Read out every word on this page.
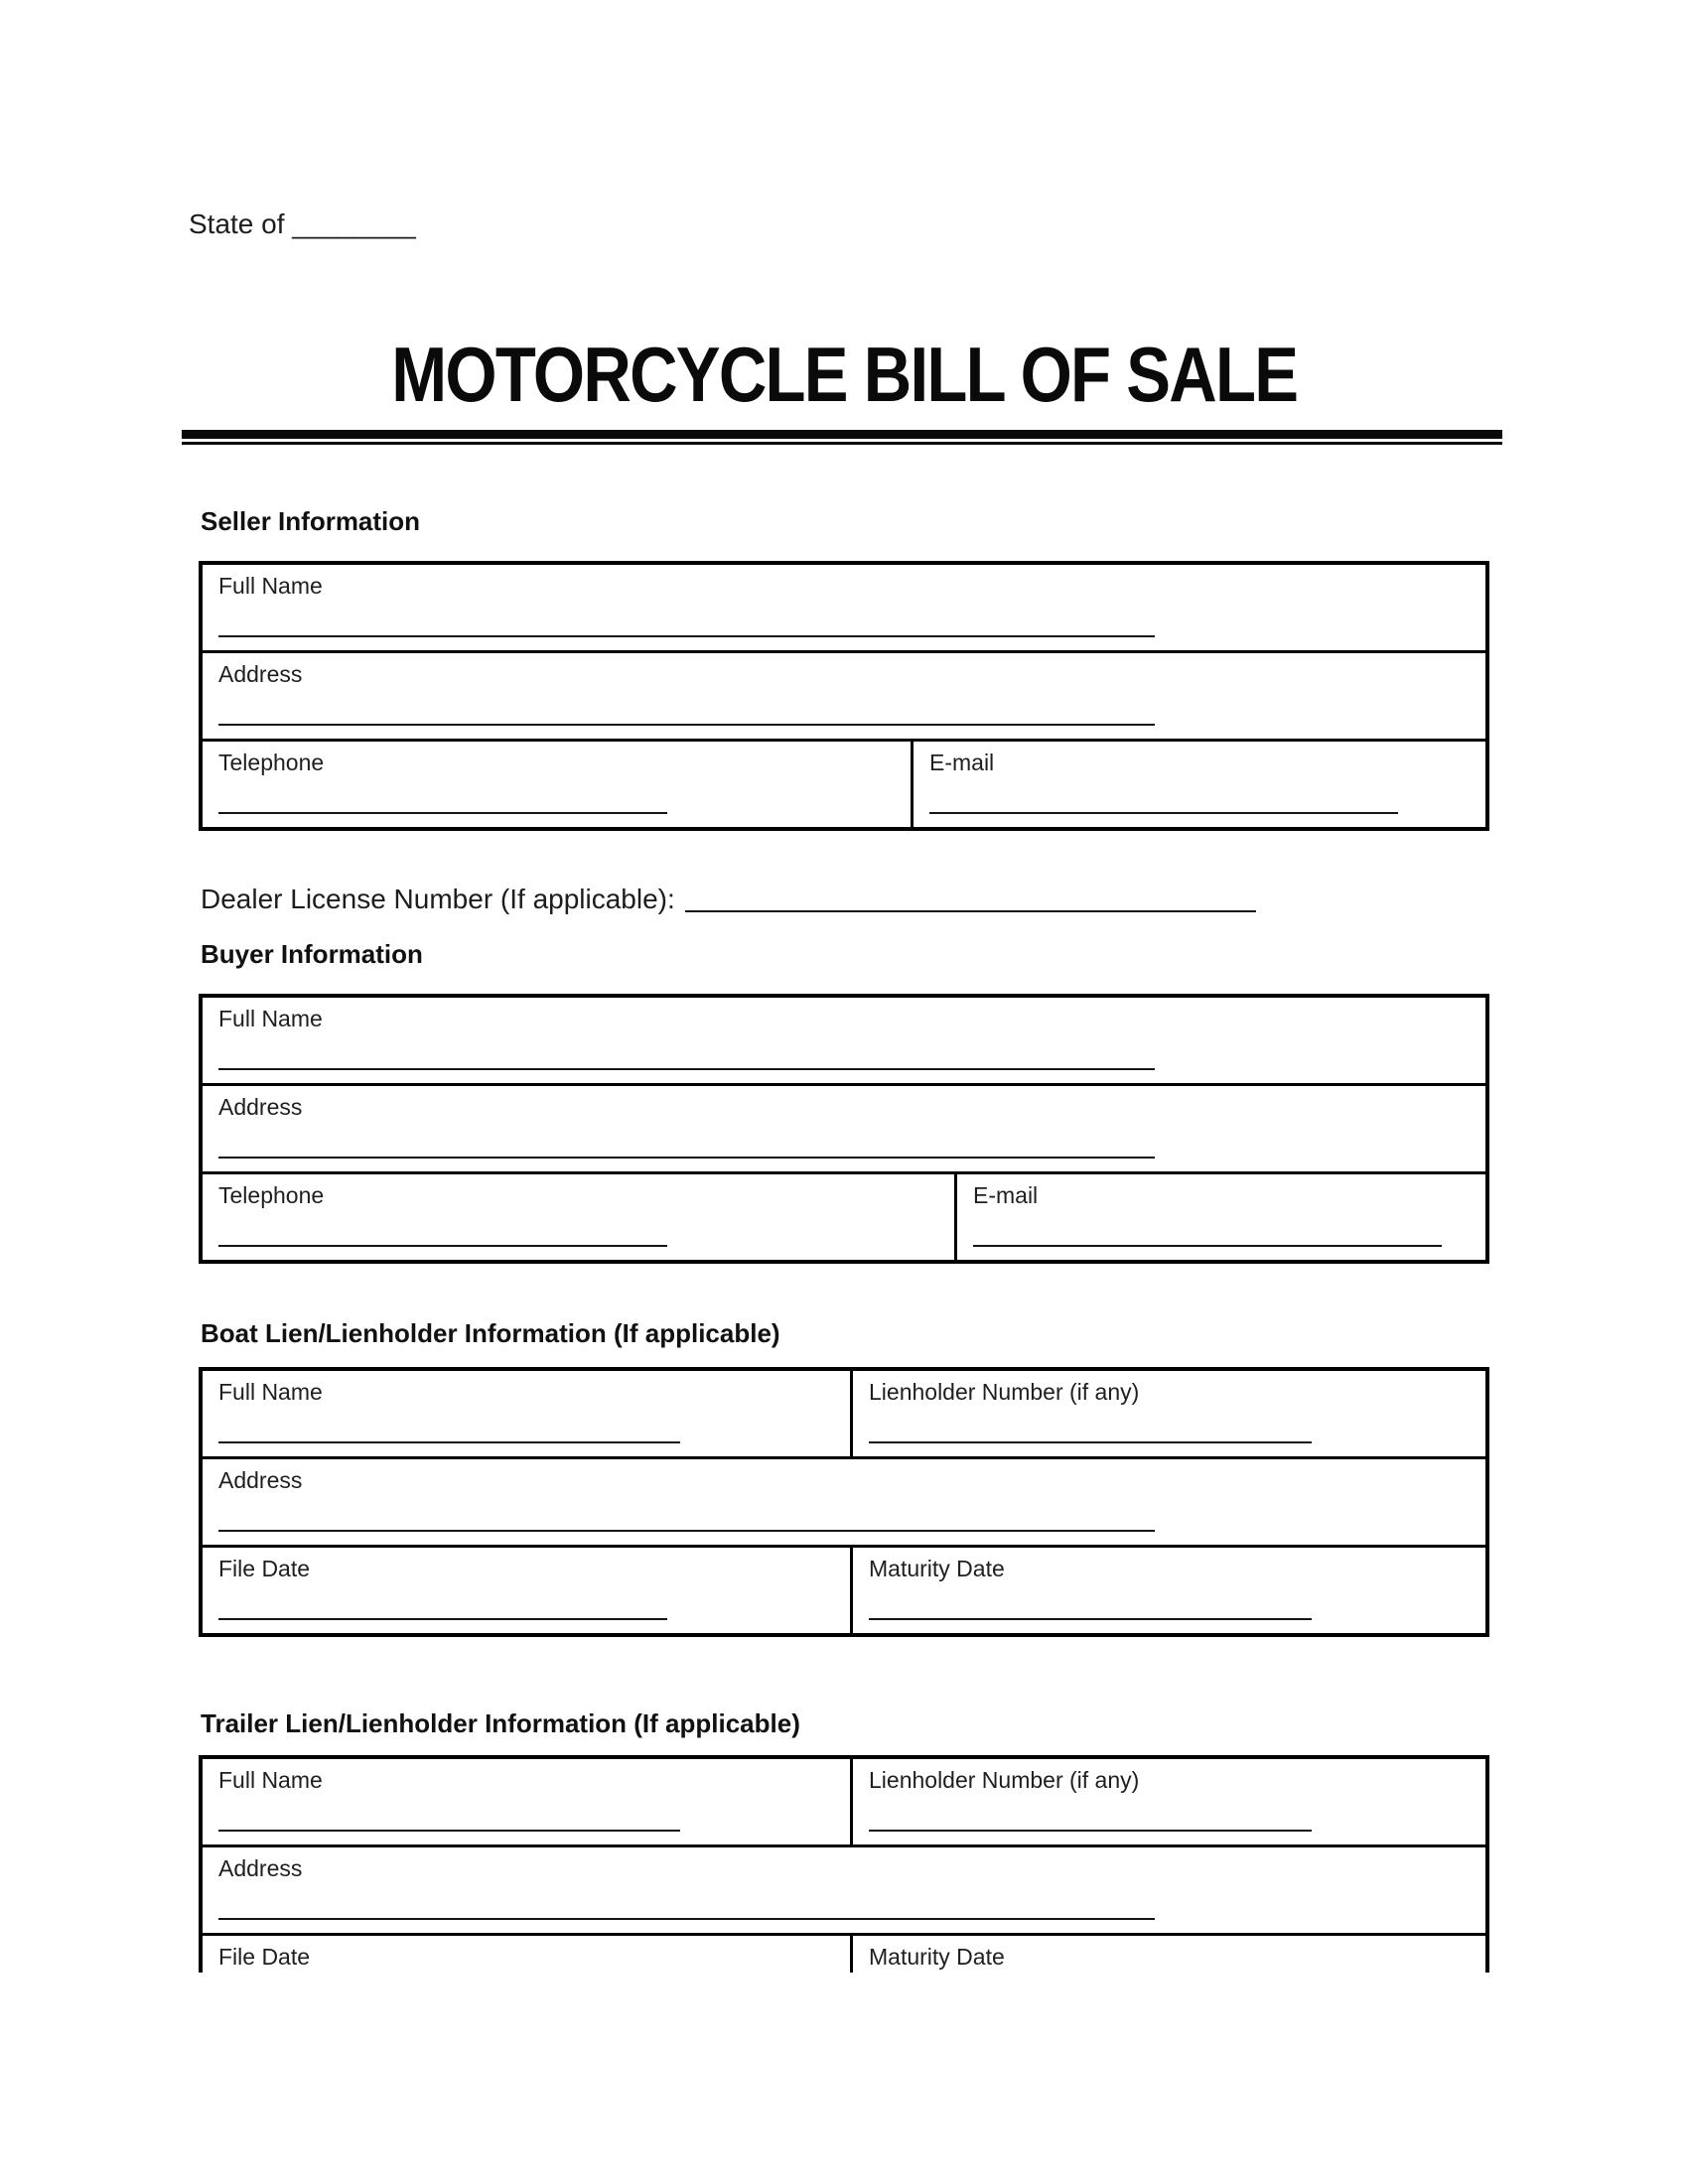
State of ________
MOTORCYCLE BILL OF SALE
Seller Information
Full Name
Address
Telephone	E-mail
Dealer License Number (If applicable):
Buyer Information
Full Name
Address
Telephone	E-mail
Boat Lien/Lienholder Information (If applicable)
Full Name	Lienholder Number (if any)
Address
File Date	Maturity Date
Trailer Lien/Lienholder Information (If applicable)
Full Name	Lienholder Number (if any)
Address
File Date	Maturity Date
